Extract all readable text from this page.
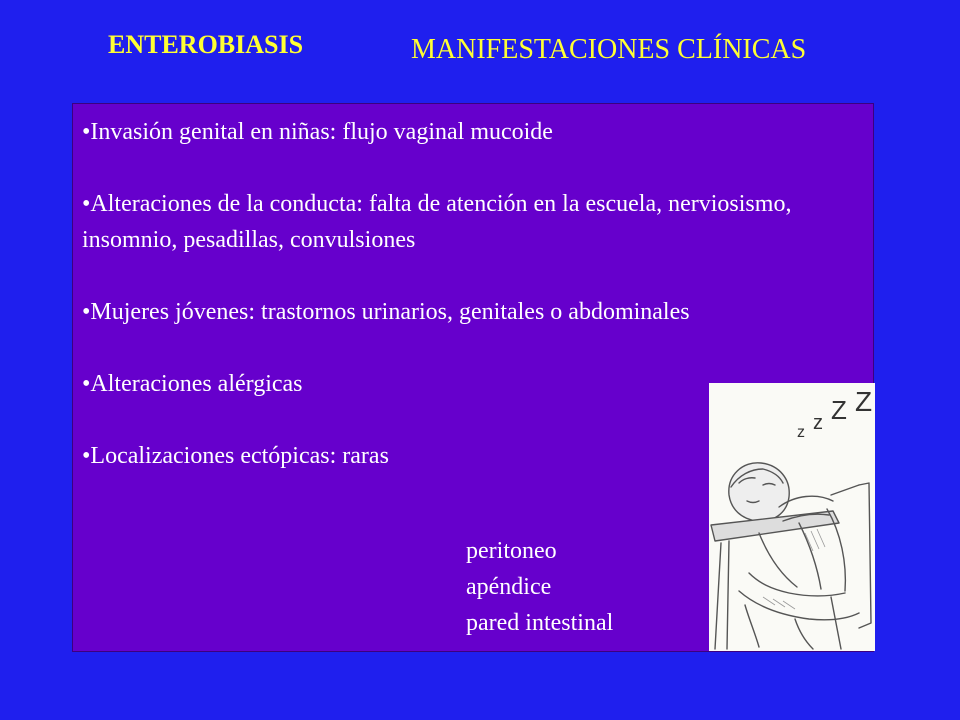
ENTEROBIASIS	MANIFESTACIONES CLÍNICAS
•Invasión genital en niñas: flujo vaginal mucoide
•Alteraciones de la conducta: falta de atención en la escuela, nerviosismo, insomnio, pesadillas, convulsiones
•Mujeres jóvenes: trastornos urinarios, genitales o abdominales
•Alteraciones alérgicas
•Localizaciones ectópicas: raras
peritoneo
apéndice
pared intestinal
z z Z Z
